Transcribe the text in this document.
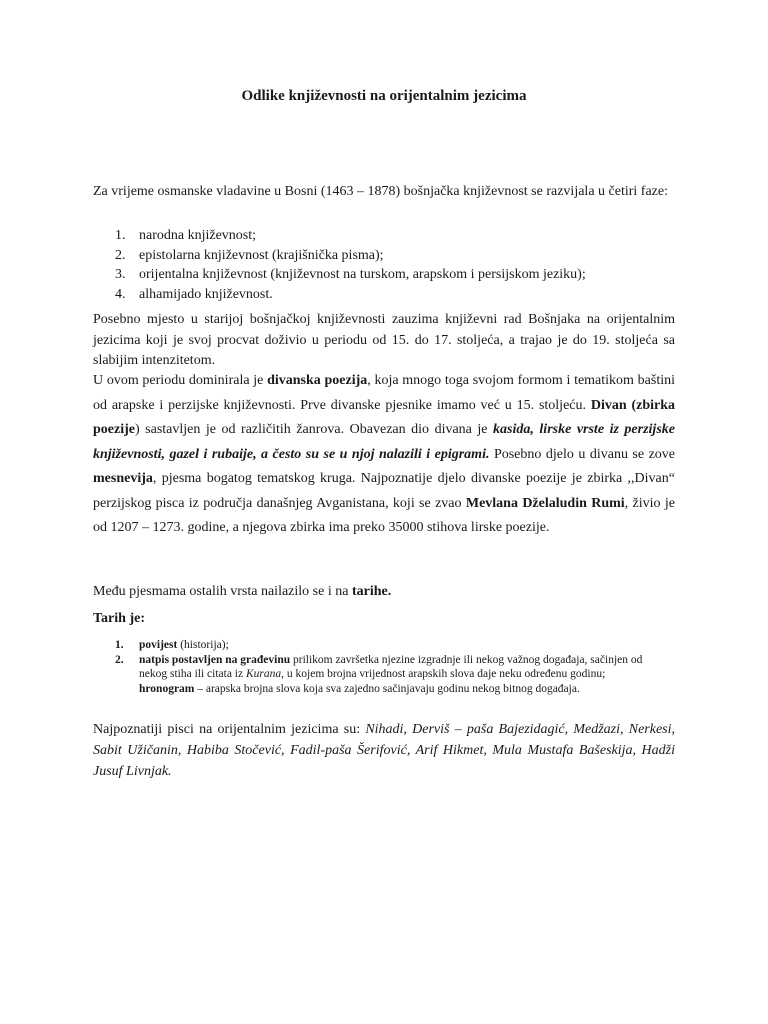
Odlike književnosti na orijentalnim jezicima

Za vrijeme osmanske vladavine u Bosni (1463 – 1878) bošnjačka književnost se razvijala u četiri faze:

1. narodna književnost;
2. epistolarna književnost (krajišnička pisma);
3. orijentalna književnost (književnost na turskom, arapskom i persijskom jeziku);
4. alhamijado književnost.

Posebno mjesto u starijoj bošnjačkoj književnosti zauzima književni rad Bošnjaka na orijentalnim jezicima koji je svoj procvat doživio u periodu od 15. do 17. stoljeća, a trajao je do 19. stoljeća sa slabijim intenzitetom.

U ovom periodu dominirala je divanska poezija, koja mnogo toga svojom formom i tematikom baštini od arapske i perzijske književnosti. Prve divanske pjesnike imamo već u 15. stoljeću. Divan (zbirka poezije) sastavljen je od različitih žanrova. Obavezan dio divana je kasida, lirske vrste iz perzijske književnosti, gazel i rubaije, a često su se u njoj nalazili i epigrami. Posebno djelo u divanu se zove mesnevija, pjesma bogatog tematskog kruga. Najpoznatije djelo divanske poezije je zbirka ,,Divan“ perzijskog pisca iz područja današnjeg Avganistana, koji se zvao Mevlana Dželaludin Rumi, živio je od 1207 – 1273. godine, a njegova zbirka ima preko 35000 stihova lirske poezije.

Među pjesmama ostalih vrsta nailazilo se i na tarihe.

Tarih je:

1.	povijest (historija);
2.	natpis postavljen na građevinu prilikom završetka njezine izgradnje ili nekog važnog događaja, sačinjen od nekog stiha ili citata iz Kurana, u kojem brojna vrijednost arapskih slova daje neku određenu godinu;
hronogram – arapska brojna slova koja sva zajedno sačinjavaju godinu nekog bitnog događaja.

Najpoznatiji pisci na orijentalnim jezicima su: Nihadi, Derviš – paša Bajezidagić, Medžazi, Nerkesi, Sabit Užičanin, Habiba Stočević, Fadil-paša Šerifović, Arif Hikmet, Mula Mustafa Bašeskija, Hadži Jusuf Livnjak.
